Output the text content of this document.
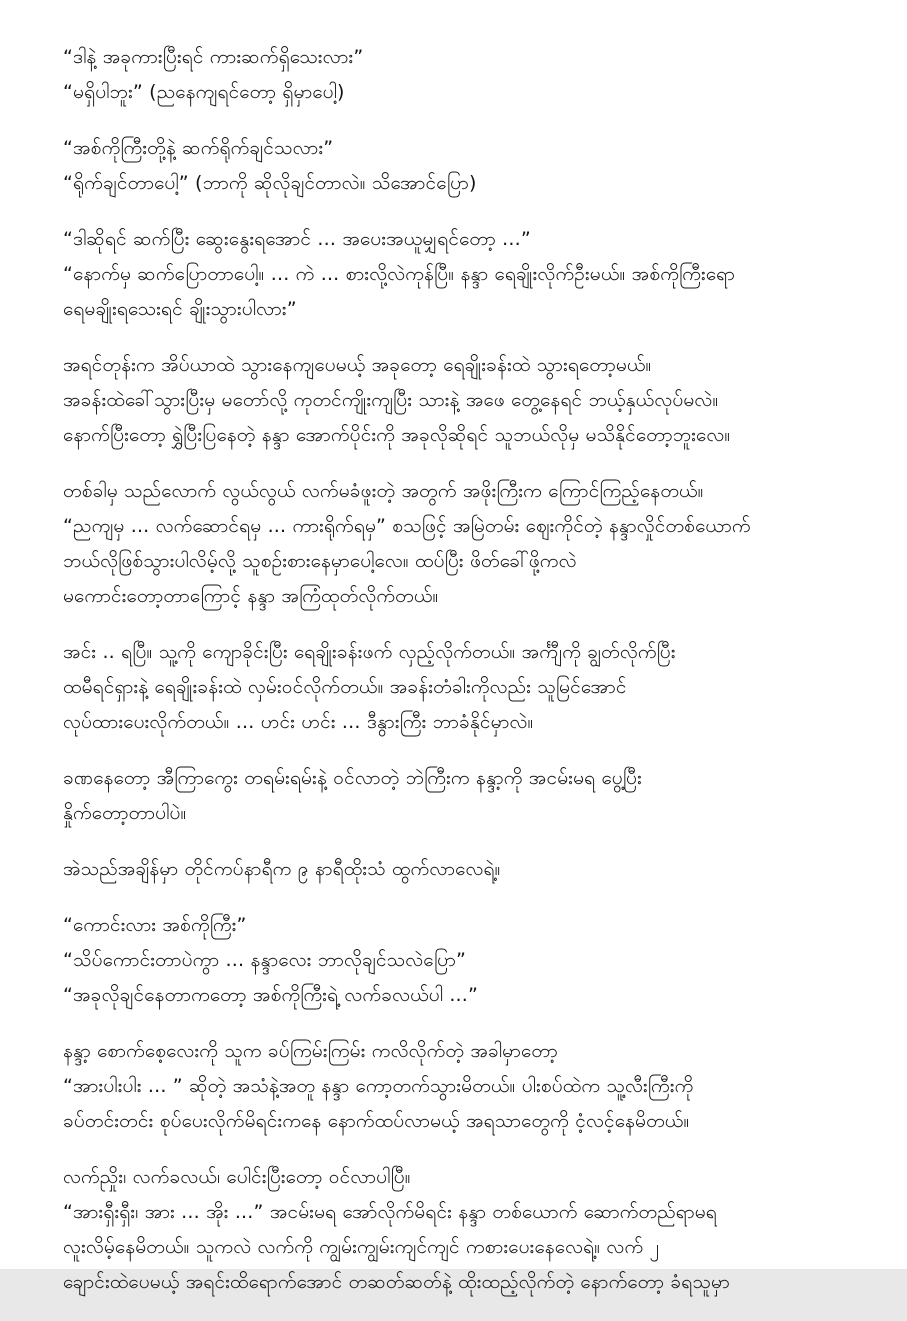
“ဒါနဲ့ အခုကားပြီးရင် ကားဆက်ရှိသေးလား”
“မရှိပါဘူး” (ညနေကျရင်တော့ ရှိမှာပေါ့)

“အစ်ကိုကြီးတို့နဲ့ ဆက်ရိုက်ချင်သလား”
“ရိုက်ချင်တာပေါ့” (ဘာကို ဆိုလိုချင်တာလဲ။ သိအောင်ပြော)

“ဒါဆိုရင် ဆက်ပြီး ဆွေးနွေးရအောင် ... အပေးအယူမျှရင်တော့ ...”
“နောက်မှ ဆက်ပြောတာပေါ့။ ... ကဲ ... စားလို့လဲကုန်ပြီ။ နန္ဒာ ရေချိုးလိုက်ဦးမယ်။ အစ်ကိုကြီးရော
ရေမချိုးရသေးရင် ချိုးသွားပါလား”

အရင်တုန်းက အိပ်ယာထဲ သွားနေကျပေမယ့် အခုတော့ ရေချိုးခန်းထဲ သွားရတော့မယ်။
အခန်းထဲခေါ်သွားပြီးမှ မတော်လို့ ကုတင်ကျိုးကျပြီး သားနဲ့ အဖေ တွေ့နေရင် ဘယ့်နှယ်လုပ်မလဲ။
နောက်ပြီးတော့ ရွှဲပြီးပြနေတဲ့ နန္ဒာ အောက်ပိုင်းကို အခုလိုဆိုရင် သူဘယ်လိုမှ မသိနိုင်တော့ဘူးလေ။

တစ်ခါမှ သည်လောက် လွယ်လွယ် လက်မခံဖူးတဲ့ အတွက် အဖိုးကြီးက ကြောင်ကြည့်နေတယ်။
“ညကျမှ ... လက်ဆောင်ရမှ ... ကားရိုက်ရမှ” စသဖြင့် အမြဲတမ်း ဈေးကိုင်တဲ့ နန္ဒာလှိုင်တစ်ယောက်
ဘယ်လိုဖြစ်သွားပါလိမ့်လို့ သူစဉ်းစားနေမှာပေါ့လေ။ ထပ်ပြီး ဖိတ်ခေါ်ဖို့ကလဲ
မကောင်းတော့တာကြောင့် နန္ဒာ အကြံထုတ်လိုက်တယ်။

အင်း .. ရပြီ။ သူ့ကို ကျောခိုင်းပြီး ရေချိုးခန်းဖက် လှည့်လိုက်တယ်။ အင်္ကျီကို ချွတ်လိုက်ပြီး
ထမီရင်ရှားနဲ့ ရေချိုးခန်းထဲ လှမ်းဝင်လိုက်တယ်။ အခန်းတံခါးကိုလည်း သူမြင်အောင်
လုပ်ထားပေးလိုက်တယ်။ ... ဟင်း ဟင်း ... ဒီနွားကြီး ဘာခံနိုင်မှာလဲ။

ခဏနေတော့ အီကြာကွေး တရမ်းရမ်းနဲ့ ဝင်လာတဲ့ ဘဲကြီးက နန္ဒာ့ကို အငမ်းမရ ပွေ့ပြီး
နှိုက်တော့တာပါပဲ။

အဲသည်အချိန်မှာ တိုင်ကပ်နာရီက ၉ နာရီထိုးသံ ထွက်လာလေရဲ့။

“ကောင်းလား အစ်ကိုကြီး”
“သိပ်ကောင်းတာပဲကွာ ... နန္ဒာလေး ဘာလိုချင်သလဲပြော”
“အခုလိုချင်နေတာကတော့ အစ်ကိုကြီးရဲ့ လက်ခလယ်ပါ ...”

နန္ဒာ့ စောက်စေ့လေးကို သူက ခပ်ကြမ်းကြမ်း ကလိလိုက်တဲ့ အခါမှာတော့
“အားပါးပါး ... ” ဆိုတဲ့ အသံနဲ့အတူ နန္ဒာ ကော့တက်သွားမိတယ်။ ပါးစပ်ထဲက သူ့လီးကြီးကို
ခပ်တင်းတင်း စုပ်ပေးလိုက်မိရင်းကနေ နောက်ထပ်လာမယ့် အရသာတွေကို ငံ့လင့်နေမိတယ်။

လက်ညှိုး၊ လက်ခလယ်၊ ပေါင်းပြီးတော့ ဝင်လာပါပြီ။
“အားရှီးရှီး၊ အား ... အိုး ...” အငမ်းမရ အော်လိုက်မိရင်း နန္ဒာ တစ်ယောက် ဆောက်တည်ရာမရ
လူးလိမ့်နေမိတယ်။ သူကလဲ လက်ကို ကျွမ်းကျွမ်းကျင်ကျင် ကစားပေးနေလေရဲ့။ လက် ၂
ချောင်းထဲပေမယ့် အရင်းထိရောက်အောင် တဆတ်ဆတ်နဲ့ ထိုးထည့်လိုက်တဲ့ နောက်တော့ ခံရသူမှာ
